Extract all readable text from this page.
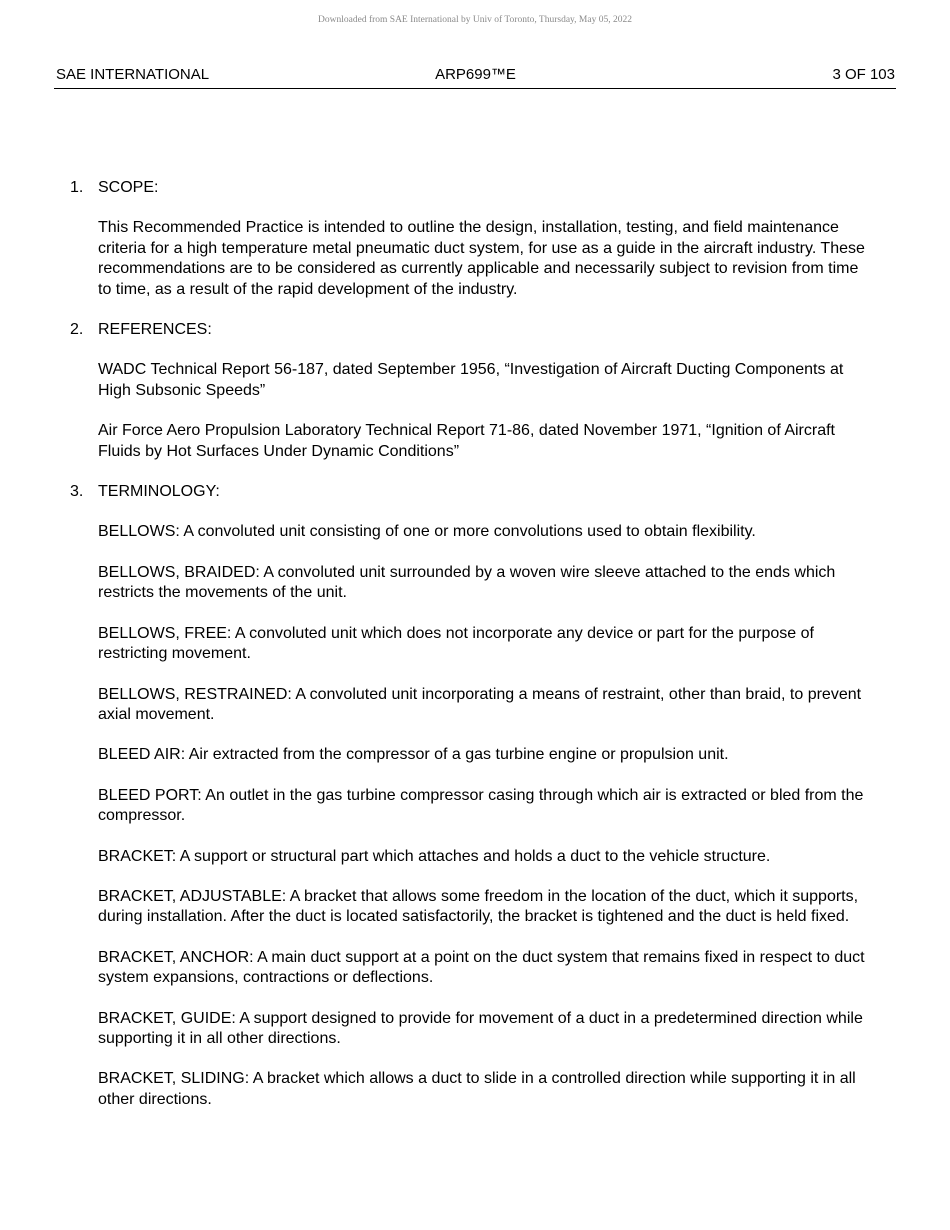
Downloaded from SAE International by Univ of Toronto, Thursday, May 05, 2022
ARP699™E
SAE INTERNATIONAL	3 OF 103
1. SCOPE:

This Recommended Practice is intended to outline the design, installation, testing, and field maintenance criteria for a high temperature metal pneumatic duct system, for use as a guide in the aircraft industry. These recommendations are to be considered as currently applicable and necessarily subject to revision from time to time, as a result of the rapid development of the industry.

2. REFERENCES:

WADC Technical Report 56-187, dated September 1956, “Investigation of Aircraft Ducting Components at High Subsonic Speeds”

Air Force Aero Propulsion Laboratory Technical Report 71-86, dated November 1971, “Ignition of Aircraft Fluids by Hot Surfaces Under Dynamic Conditions”

3. TERMINOLOGY:

BELLOWS: A convoluted unit consisting of one or more convolutions used to obtain flexibility.

BELLOWS, BRAIDED: A convoluted unit surrounded by a woven wire sleeve attached to the ends which restricts the movements of the unit.

BELLOWS, FREE: A convoluted unit which does not incorporate any device or part for the purpose of restricting movement.

BELLOWS, RESTRAINED: A convoluted unit incorporating a means of restraint, other than braid, to prevent axial movement.

BLEED AIR: Air extracted from the compressor of a gas turbine engine or propulsion unit.

BLEED PORT: An outlet in the gas turbine compressor casing through which air is extracted or bled from the compressor.

BRACKET: A support or structural part which attaches and holds a duct to the vehicle structure.

BRACKET, ADJUSTABLE: A bracket that allows some freedom in the location of the duct, which it supports, during installation. After the duct is located satisfactorily, the bracket is tightened and the duct is held fixed.

BRACKET, ANCHOR: A main duct support at a point on the duct system that remains fixed in respect to duct system expansions, contractions or deflections.

BRACKET, GUIDE: A support designed to provide for movement of a duct in a predetermined direction while supporting it in all other directions.

BRACKET, SLIDING: A bracket which allows a duct to slide in a controlled direction while supporting it in all other directions.
